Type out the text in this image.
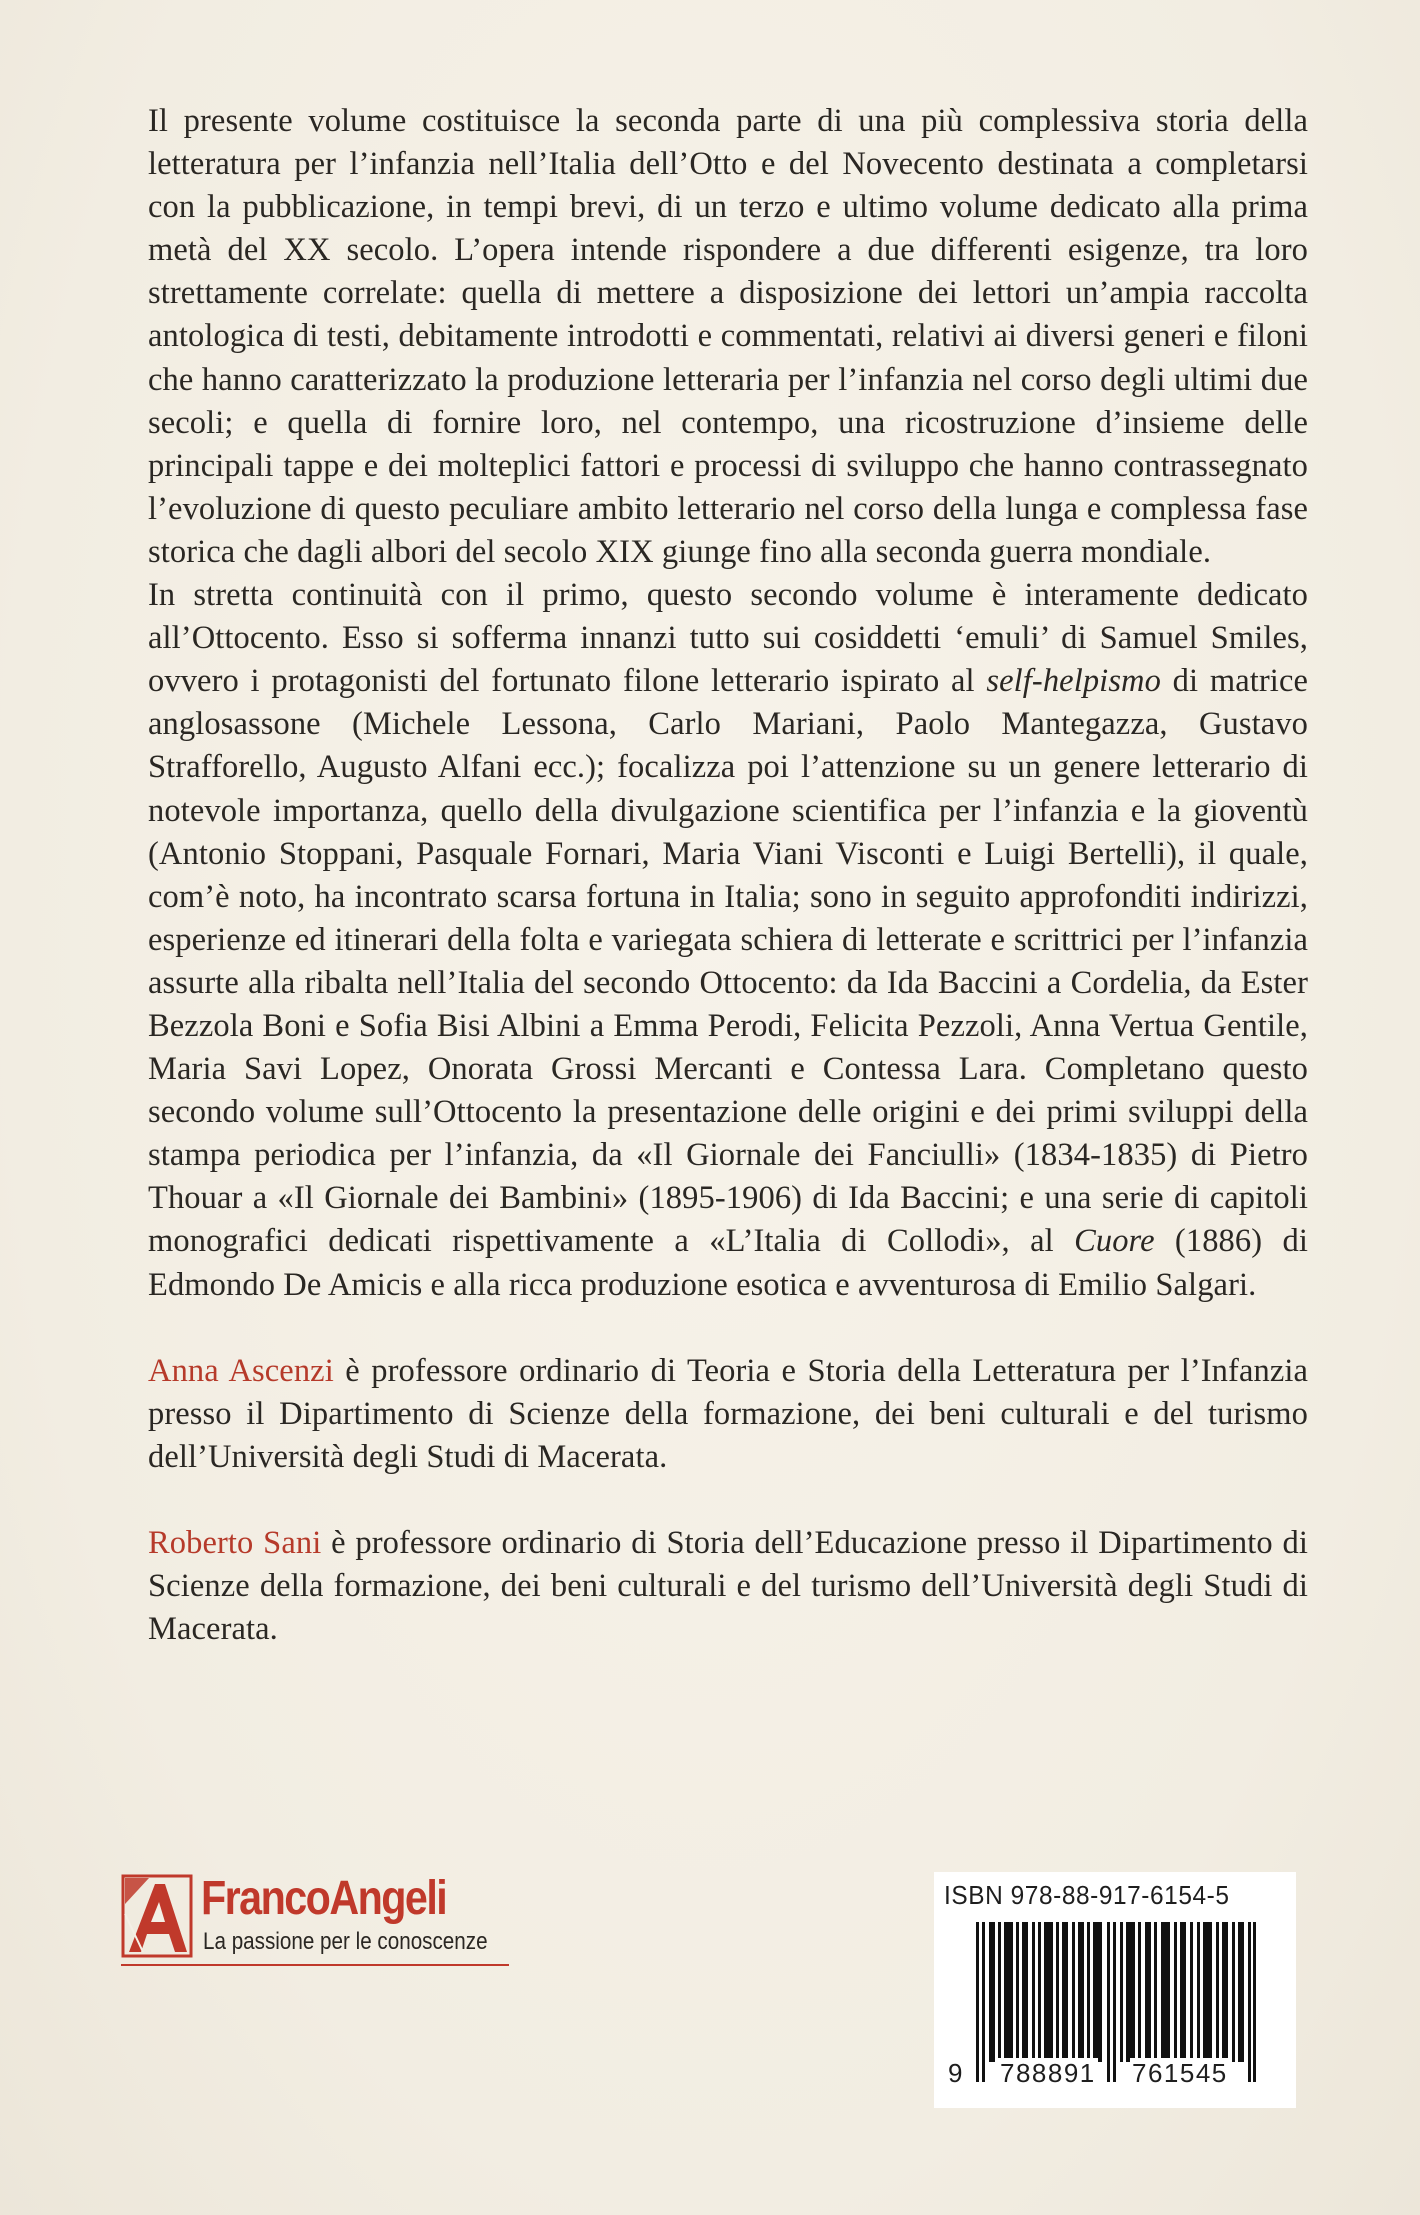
Il presente volume costituisce la seconda parte di una più complessiva storia della letteratura per l’infanzia nell’Italia dell’Otto e del Novecento destinata a completarsi con la pubblicazione, in tempi brevi, di un terzo e ultimo volume dedicato alla prima metà del XX secolo. L’opera intende rispondere a due differenti esigenze, tra loro strettamente correlate: quella di mettere a disposizione dei lettori un’ampia raccolta antologica di testi, debitamente introdotti e commentati, relativi ai diversi generi e filoni che hanno caratterizzato la produzione letteraria per l’infanzia nel corso degli ultimi due secoli; e quella di fornire loro, nel contempo, una ricostruzione d’insieme delle principali tappe e dei molteplici fattori e processi di sviluppo che hanno contrassegnato l’evoluzione di questo peculiare ambito letterario nel corso della lunga e complessa fase storica che dagli albori del secolo XIX giunge fino alla seconda guerra mondiale.

In stretta continuità con il primo, questo secondo volume è interamente dedicato all’Ottocento. Esso si sofferma innanzi tutto sui cosiddetti ‘emuli’ di Samuel Smiles, ovvero i protagonisti del fortunato filone letterario ispirato al self-helpismo di matrice anglosassone (Michele Lessona, Carlo Mariani, Paolo Mantegazza, Gustavo Strafforello, Augusto Alfani ecc.); focalizza poi l’attenzione su un genere letterario di notevole importanza, quello della divulgazione scientifica per l’infanzia e la gioventù (Antonio Stoppani, Pasquale Fornari, Maria Viani Visconti e Luigi Bertelli), il quale, com’è noto, ha incontrato scarsa fortuna in Italia; sono in seguito approfonditi indirizzi, esperienze ed itinerari della folta e variegata schiera di letterate e scrittrici per l’infanzia assurte alla ribalta nell’Italia del secondo Ottocento: da Ida Baccini a Cordelia, da Ester Bezzola Boni e Sofia Bisi Albini a Emma Perodi, Felicita Pezzoli, Anna Vertua Gentile, Maria Savi Lopez, Onorata Grossi Mercanti e Contessa Lara. Completano questo secondo volume sull’Ottocento la presentazione delle origini e dei primi sviluppi della stampa periodica per l’infanzia, da «Il Giornale dei Fanciulli» (1834-1835) di Pietro Thouar a «Il Giornale dei Bambini» (1895-1906) di Ida Baccini; e una serie di capitoli monografici dedicati rispettivamente a «L’Italia di Collodi», al Cuore (1886) di Edmondo De Amicis e alla ricca produzione esotica e avventurosa di Emilio Salgari.

Anna Ascenzi è professore ordinario di Teoria e Storia della Letteratura per l’Infanzia presso il Dipartimento di Scienze della formazione, dei beni culturali e del turismo dell’Università degli Studi di Macerata.

Roberto Sani è professore ordinario di Storia dell’Educazione presso il Dipartimento di Scienze della formazione, dei beni culturali e del turismo dell’Università degli Studi di Macerata.

FrancoAngeli
La passione per le conoscenze
ISBN 978-88-917-6154-5
9 788891 761545
